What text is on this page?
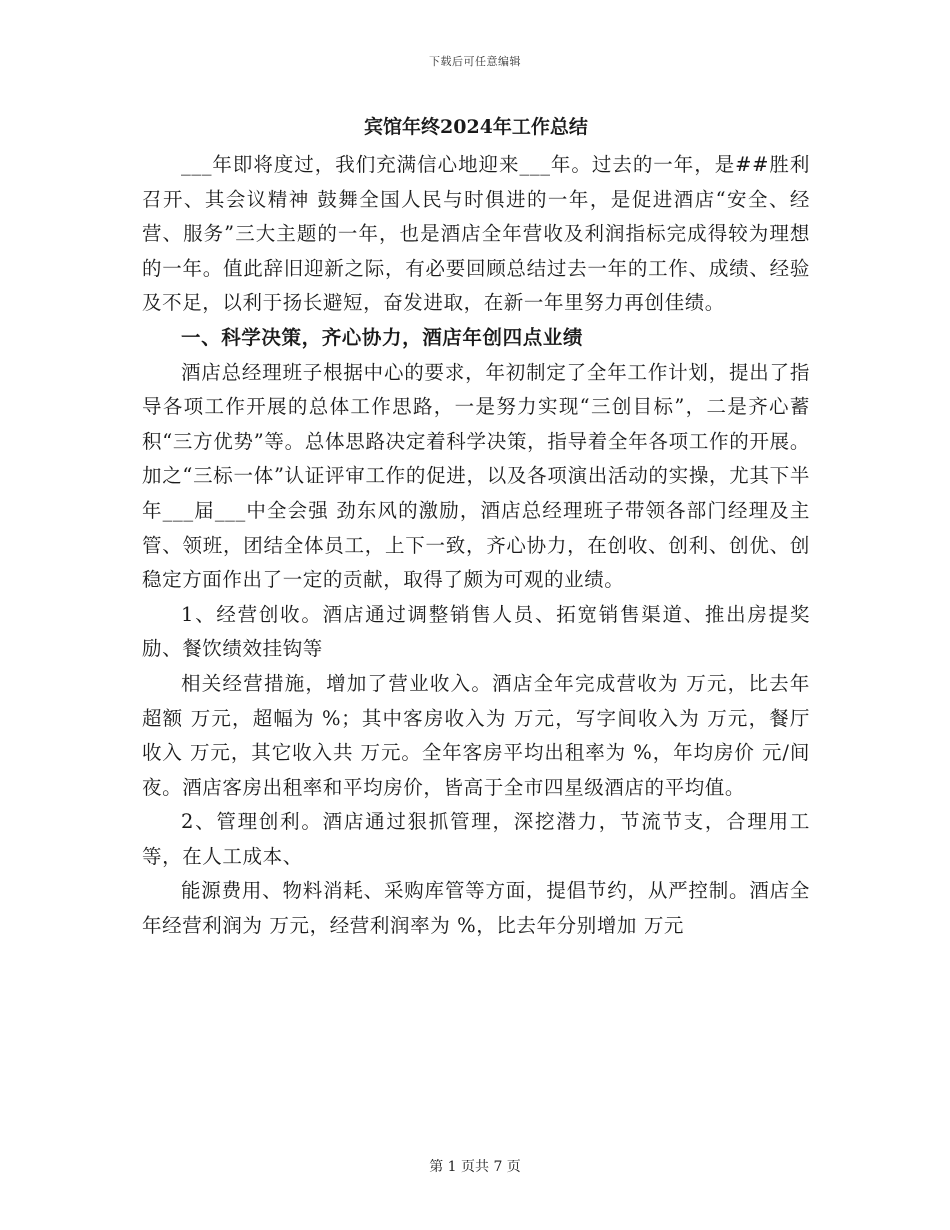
下载后可任意编辑
宾馆年终2024年工作总结

___年即将度过，我们充满信心地迎来___年。过去的一年，是##胜利召开、其会议精神 鼓舞全国人民与时俱进的一年，是促进酒店“安全、经营、服务”三大主题的一年，也是酒店全年营收及利润指标完成得较为理想的一年。值此辞旧迎新之际，有必要回顾总结过去一年的工作、成绩、经验及不足，以利于扬长避短，奋发进取，在新一年里努力再创佳绩。

一、科学决策，齐心协力，酒店年创四点业绩

酒店总经理班子根据中心的要求，年初制定了全年工作计划，提出了指导各项工作开展的总体工作思路，一是努力实现“三创目标”，二是齐心蓄积“三方优势”等。总体思路决定着科学决策，指导着全年各项工作的开展。加之“三标一体”认证评审工作的促进，以及各项演出活动的实操，尤其下半年___届___中全会强 劲东风的激励，酒店总经理班子带领各部门经理及主管、领班，团结全体员工，上下一致，齐心协力，在创收、创利、创优、创稳定方面作出了一定的贡献，取得了颇为可观的业绩。

1、经营创收。酒店通过调整销售人员、拓宽销售渠道、推出房提奖励、餐饮绩效挂钩等

相关经营措施，增加了营业收入。酒店全年完成营收为 万元，比去年超额 万元，超幅为 %；其中客房收入为 万元，写字间收入为 万元，餐厅收入 万元，其它收入共 万元。全年客房平均出租率为 %，年均房价 元/间夜。酒店客房出租率和平均房价，皆高于全市四星级酒店的平均值。

2、管理创利。酒店通过狠抓管理，深挖潜力，节流节支，合理用工等，在人工成本、

能源费用、物料消耗、采购库管等方面，提倡节约，从严控制。酒店全年经营利润为 万元，经营利润率为 %，比去年分别增加 万元

第 1 页共 7 页
